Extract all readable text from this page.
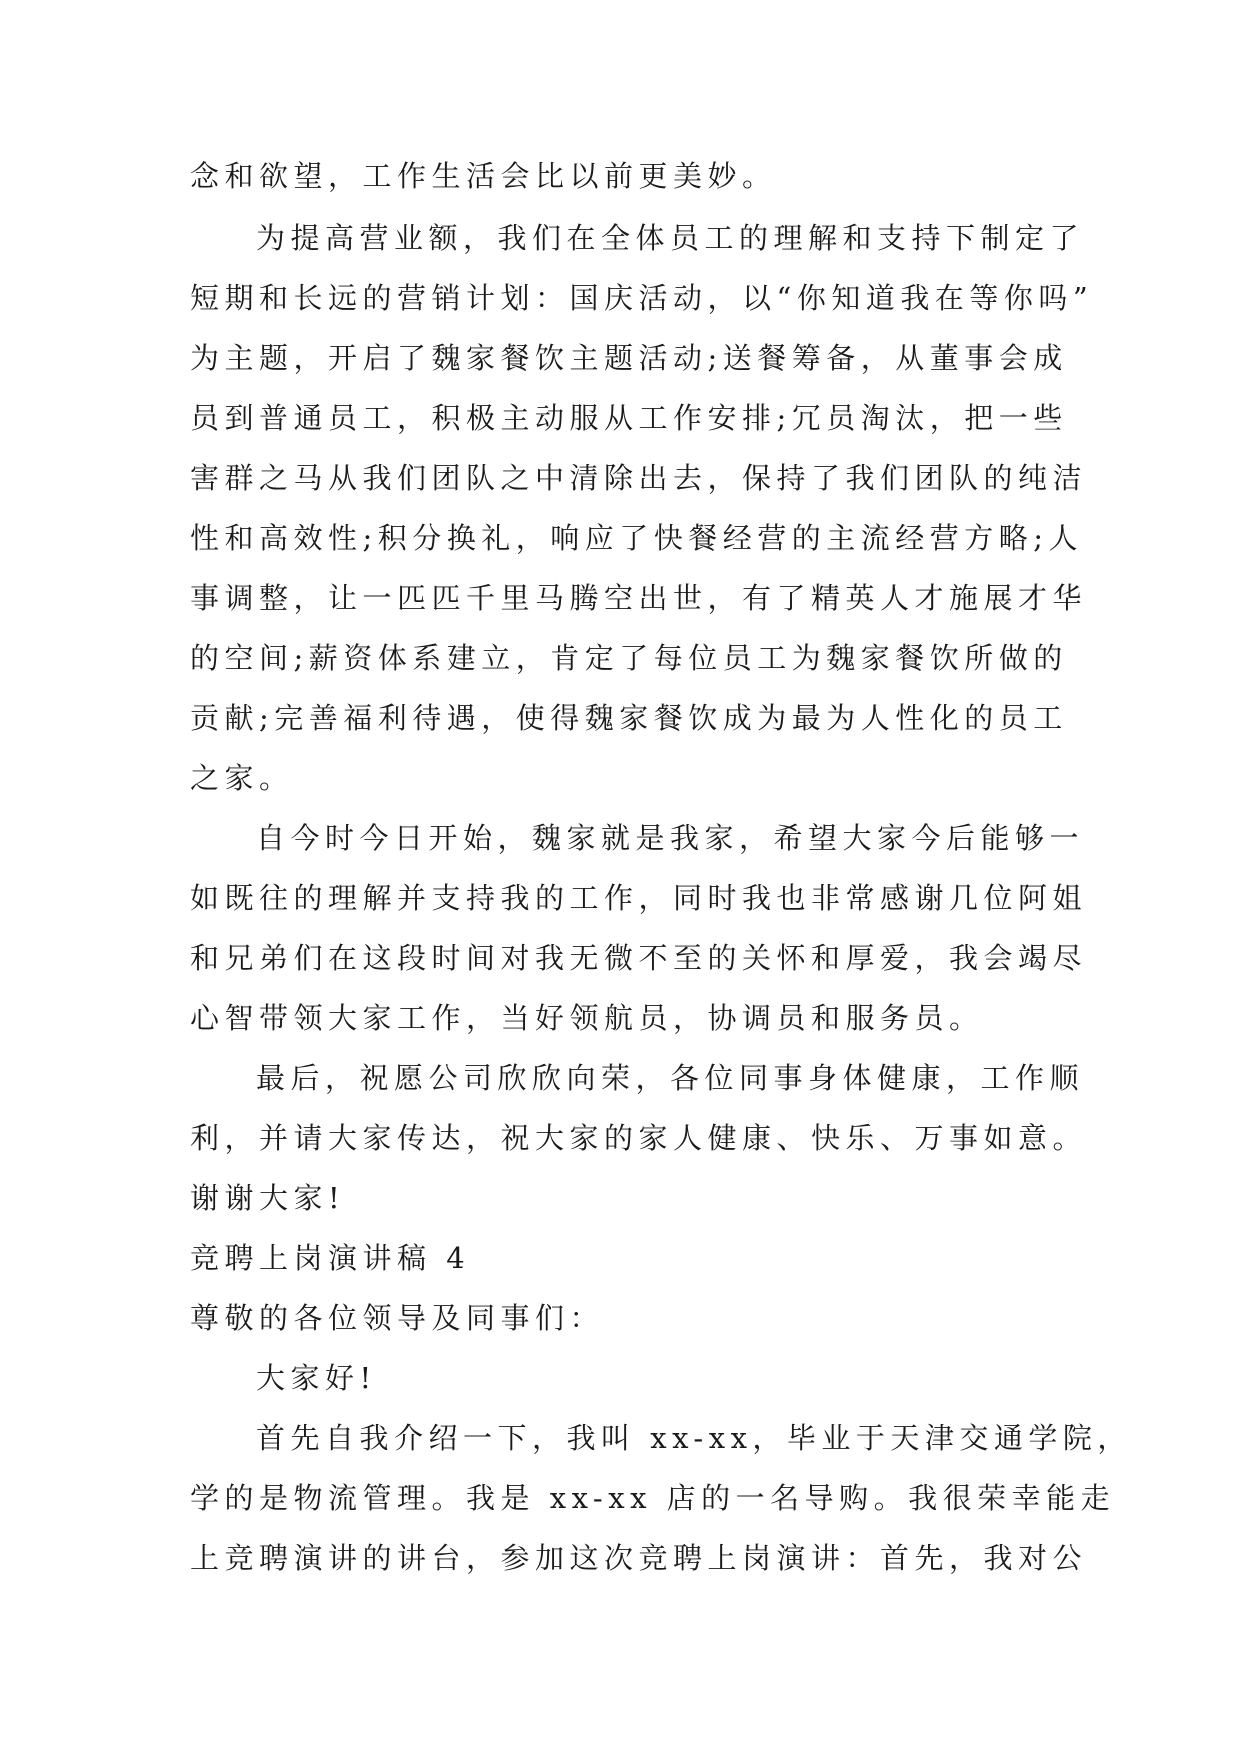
念和欲望，工作生活会比以前更美妙。
为提高营业额，我们在全体员工的理解和支持下制定了
短期和长远的营销计划：国庆活动，以“你知道我在等你吗”
为主题，开启了魏家餐饮主题活动;送餐筹备，从董事会成
员到普通员工，积极主动服从工作安排;冗员淘汰，把一些
害群之马从我们团队之中清除出去，保持了我们团队的纯洁
性和高效性;积分换礼，响应了快餐经营的主流经营方略;人
事调整，让一匹匹千里马腾空出世，有了精英人才施展才华
的空间;薪资体系建立，肯定了每位员工为魏家餐饮所做的
贡献;完善福利待遇，使得魏家餐饮成为最为人性化的员工
之家。
自今时今日开始，魏家就是我家，希望大家今后能够一
如既往的理解并支持我的工作，同时我也非常感谢几位阿姐
和兄弟们在这段时间对我无微不至的关怀和厚爱，我会竭尽
心智带领大家工作，当好领航员，协调员和服务员。
最后，祝愿公司欣欣向荣，各位同事身体健康，工作顺
利，并请大家传达，祝大家的家人健康、快乐、万事如意。
谢谢大家!
竞聘上岗演讲稿 4
尊敬的各位领导及同事们：
大家好!
首先自我介绍一下，我叫 xx-xx，毕业于天津交通学院，
学的是物流管理。我是 xx-xx 店的一名导购。我很荣幸能走
上竞聘演讲的讲台，参加这次竞聘上岗演讲：首先，我对公
